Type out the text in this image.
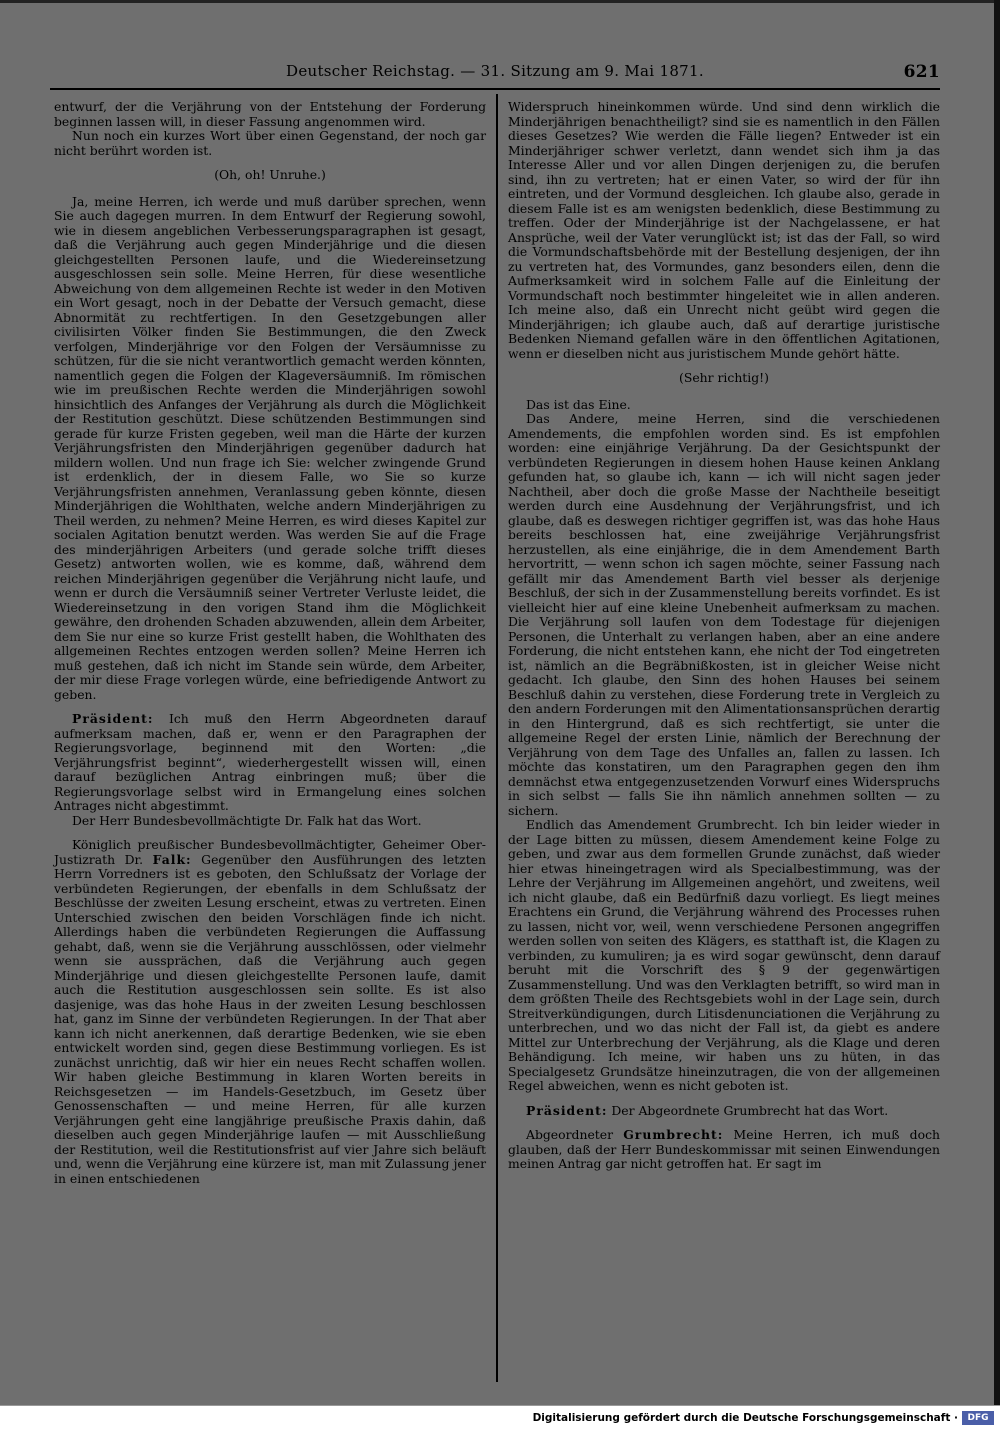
Deutscher Reichstag. — 31. Sitzung am 9. Mai 1871.	621

entwurf, der die Verjährung von der Entstehung der Forderung beginnen lassen will, in dieser Fassung angenommen wird.

Nun noch ein kurzes Wort über einen Gegenstand, der noch gar nicht berührt worden ist.

(Oh, oh! Unruhe.)

Ja, meine Herren, ich werde und muß darüber sprechen, wenn Sie auch dagegen murren. In dem Entwurf der Regierung sowohl, wie in diesem angeblichen Verbesserungsparagraphen ist gesagt, daß die Verjährung auch gegen Minderjährige und die diesen gleichgestellten Personen laufe, und die Wiedereinsetzung ausgeschlossen sein solle. Meine Herren, für diese wesentliche Abweichung von dem allgemeinen Rechte ist weder in den Motiven ein Wort gesagt, noch in der Debatte der Versuch gemacht, diese Abnormität zu rechtfertigen. In den Gesetzgebungen aller civilisirten Völker finden Sie Bestimmungen, die den Zweck verfolgen, Minderjährige vor den Folgen der Versäumnisse zu schützen, für die sie nicht verantwortlich gemacht werden könnten, namentlich gegen die Folgen der Klageversäumniß. Im römischen wie im preußischen Rechte werden die Minderjährigen sowohl hinsichtlich des Anfanges der Verjährung als durch die Möglichkeit der Restitution geschützt. Diese schützenden Bestimmungen sind gerade für kurze Fristen gegeben, weil man die Härte der kurzen Verjährungsfristen den Minderjährigen gegenüber dadurch hat mildern wollen. Und nun frage ich Sie: welcher zwingende Grund ist erdenklich, der in diesem Falle, wo Sie so kurze Verjährungsfristen annehmen, Veranlassung geben könnte, diesen Minderjährigen die Wohlthaten, welche andern Minderjährigen zu Theil werden, zu nehmen? Meine Herren, es wird dieses Kapitel zur socialen Agitation benutzt werden. Was werden Sie auf die Frage des minderjährigen Arbeiters (und gerade solche trifft dieses Gesetz) antworten wollen, wie es komme, daß, während dem reichen Minderjährigen gegenüber die Verjährung nicht laufe, und wenn er durch die Versäumniß seiner Vertreter Verluste leidet, die Wiedereinsetzung in den vorigen Stand ihm die Möglichkeit gewähre, den drohenden Schaden abzuwenden, allein dem Arbeiter, dem Sie nur eine so kurze Frist gestellt haben, die Wohlthaten des allgemeinen Rechtes entzogen werden sollen? Meine Herren ich muß gestehen, daß ich nicht im Stande sein würde, dem Arbeiter, der mir diese Frage vorlegen würde, eine befriedigende Antwort zu geben.

Präsident: Ich muß den Herrn Abgeordneten darauf aufmerksam machen, daß er, wenn er den Paragraphen der Regierungsvorlage, beginnend mit den Worten: „die Verjährungsfrist beginnt“, wiederhergestellt wissen will, einen darauf bezüglichen Antrag einbringen muß; über die Regierungsvorlage selbst wird in Ermangelung eines solchen Antrages nicht abgestimmt.

Der Herr Bundesbevollmächtigte Dr. Falk hat das Wort.

Königlich preußischer Bundesbevollmächtigter, Geheimer Ober-Justizrath Dr. Falk: Gegenüber den Ausführungen des letzten Herrn Vorredners ist es geboten, den Schlußsatz der Vorlage der verbündeten Regierungen, der ebenfalls in dem Schlußsatz der Beschlüsse der zweiten Lesung erscheint, etwas zu vertreten. Einen Unterschied zwischen den beiden Vorschlägen finde ich nicht. Allerdings haben die verbündeten Regierungen die Auffassung gehabt, daß, wenn sie die Verjährung ausschlössen, oder vielmehr wenn sie aussprächen, daß die Verjährung auch gegen Minderjährige und diesen gleichgestellte Personen laufe, damit auch die Restitution ausgeschlossen sein sollte. Es ist also dasjenige, was das hohe Haus in der zweiten Lesung beschlossen hat, ganz im Sinne der verbündeten Regierungen. In der That aber kann ich nicht anerkennen, daß derartige Bedenken, wie sie eben entwickelt worden sind, gegen diese Bestimmung vorliegen. Es ist zunächst unrichtig, daß wir hier ein neues Recht schaffen wollen. Wir haben gleiche Bestimmung in klaren Worten bereits in Reichsgesetzen — im Handels-Gesetzbuch, im Gesetz über Genossenschaften — und meine Herren, für alle kurzen Verjährungen geht eine langjährige preußische Praxis dahin, daß dieselben auch gegen Minderjährige laufen — mit Ausschließung der Restitution, weil die Restitutionsfrist auf vier Jahre sich beläuft und, wenn die Verjährung eine kürzere ist, man mit Zulassung jener in einen entschiedenen

Widerspruch hineinkommen würde. Und sind denn wirklich die Minderjährigen benachtheiligt? sind sie es namentlich in den Fällen dieses Gesetzes? Wie werden die Fälle liegen? Entweder ist ein Minderjähriger schwer verletzt, dann wendet sich ihm ja das Interesse Aller und vor allen Dingen derjenigen zu, die berufen sind, ihn zu vertreten; hat er einen Vater, so wird der für ihn eintreten, und der Vormund desgleichen. Ich glaube also, gerade in diesem Falle ist es am wenigsten bedenklich, diese Bestimmung zu treffen. Oder der Minderjährige ist der Nachgelassene, er hat Ansprüche, weil der Vater verunglückt ist; ist das der Fall, so wird die Vormundschaftsbehörde mit der Bestellung desjenigen, der ihn zu vertreten hat, des Vormundes, ganz besonders eilen, denn die Aufmerksamkeit wird in solchem Falle auf die Einleitung der Vormundschaft noch bestimmter hingeleitet wie in allen anderen. Ich meine also, daß ein Unrecht nicht geübt wird gegen die Minderjährigen; ich glaube auch, daß auf derartige juristische Bedenken Niemand gefallen wäre in den öffentlichen Agitationen, wenn er dieselben nicht aus juristischem Munde gehört hätte.

(Sehr richtig!)

Das ist das Eine.

Das Andere, meine Herren, sind die verschiedenen Amendements, die empfohlen worden sind. Es ist empfohlen worden: eine einjährige Verjährung. Da der Gesichtspunkt der verbündeten Regierungen in diesem hohen Hause keinen Anklang gefunden hat, so glaube ich, kann — ich will nicht sagen jeder Nachtheil, aber doch die große Masse der Nachtheile beseitigt werden durch eine Ausdehnung der Verjährungsfrist, und ich glaube, daß es deswegen richtiger gegriffen ist, was das hohe Haus bereits beschlossen hat, eine zweijährige Verjährungsfrist herzustellen, als eine einjährige, die in dem Amendement Barth hervortritt, — wenn schon ich sagen möchte, seiner Fassung nach gefällt mir das Amendement Barth viel besser als derjenige Beschluß, der sich in der Zusammenstellung bereits vorfindet. Es ist vielleicht hier auf eine kleine Unebenheit aufmerksam zu machen. Die Verjährung soll laufen von dem Todestage für diejenigen Personen, die Unterhalt zu verlangen haben, aber an eine andere Forderung, die nicht entstehen kann, ehe nicht der Tod eingetreten ist, nämlich an die Begräbnißkosten, ist in gleicher Weise nicht gedacht. Ich glaube, den Sinn des hohen Hauses bei seinem Beschluß dahin zu verstehen, diese Forderung trete in Vergleich zu den andern Forderungen mit den Alimentationsansprüchen derartig in den Hintergrund, daß es sich rechtfertigt, sie unter die allgemeine Regel der ersten Linie, nämlich der Berechnung der Verjährung von dem Tage des Unfalles an, fallen zu lassen. Ich möchte das konstatiren, um den Paragraphen gegen den ihm demnächst etwa entgegenzusetzenden Vorwurf eines Widerspruchs in sich selbst — falls Sie ihn nämlich annehmen sollten — zu sichern.

Endlich das Amendement Grumbrecht. Ich bin leider wieder in der Lage bitten zu müssen, diesem Amendement keine Folge zu geben, und zwar aus dem formellen Grunde zunächst, daß wieder hier etwas hineingetragen wird als Specialbestimmung, was der Lehre der Verjährung im Allgemeinen angehört, und zweitens, weil ich nicht glaube, daß ein Bedürfniß dazu vorliegt. Es liegt meines Erachtens ein Grund, die Verjährung während des Processes ruhen zu lassen, nicht vor, weil, wenn verschiedene Personen angegriffen werden sollen von seiten des Klägers, es statthaft ist, die Klagen zu verbinden, zu kumuliren; ja es wird sogar gewünscht, denn darauf beruht mit die Vorschrift des § 9 der gegenwärtigen Zusammenstellung. Und was den Verklagten betrifft, so wird man in dem größten Theile des Rechtsgebiets wohl in der Lage sein, durch Streitverkündigungen, durch Litisdenunciationen die Verjährung zu unterbrechen, und wo das nicht der Fall ist, da giebt es andere Mittel zur Unterbrechung der Verjährung, als die Klage und deren Behändigung. Ich meine, wir haben uns zu hüten, in das Specialgesetz Grundsätze hineinzutragen, die von der allgemeinen Regel abweichen, wenn es nicht geboten ist.

Präsident: Der Abgeordnete Grumbrecht hat das Wort.

Abgeordneter Grumbrecht: Meine Herren, ich muß doch glauben, daß der Herr Bundeskommissar mit seinen Einwendungen meinen Antrag gar nicht getroffen hat. Er sagt im

Digitalisierung gefördert durch die Deutsche Forschungsgemeinschaft ·	DFG
